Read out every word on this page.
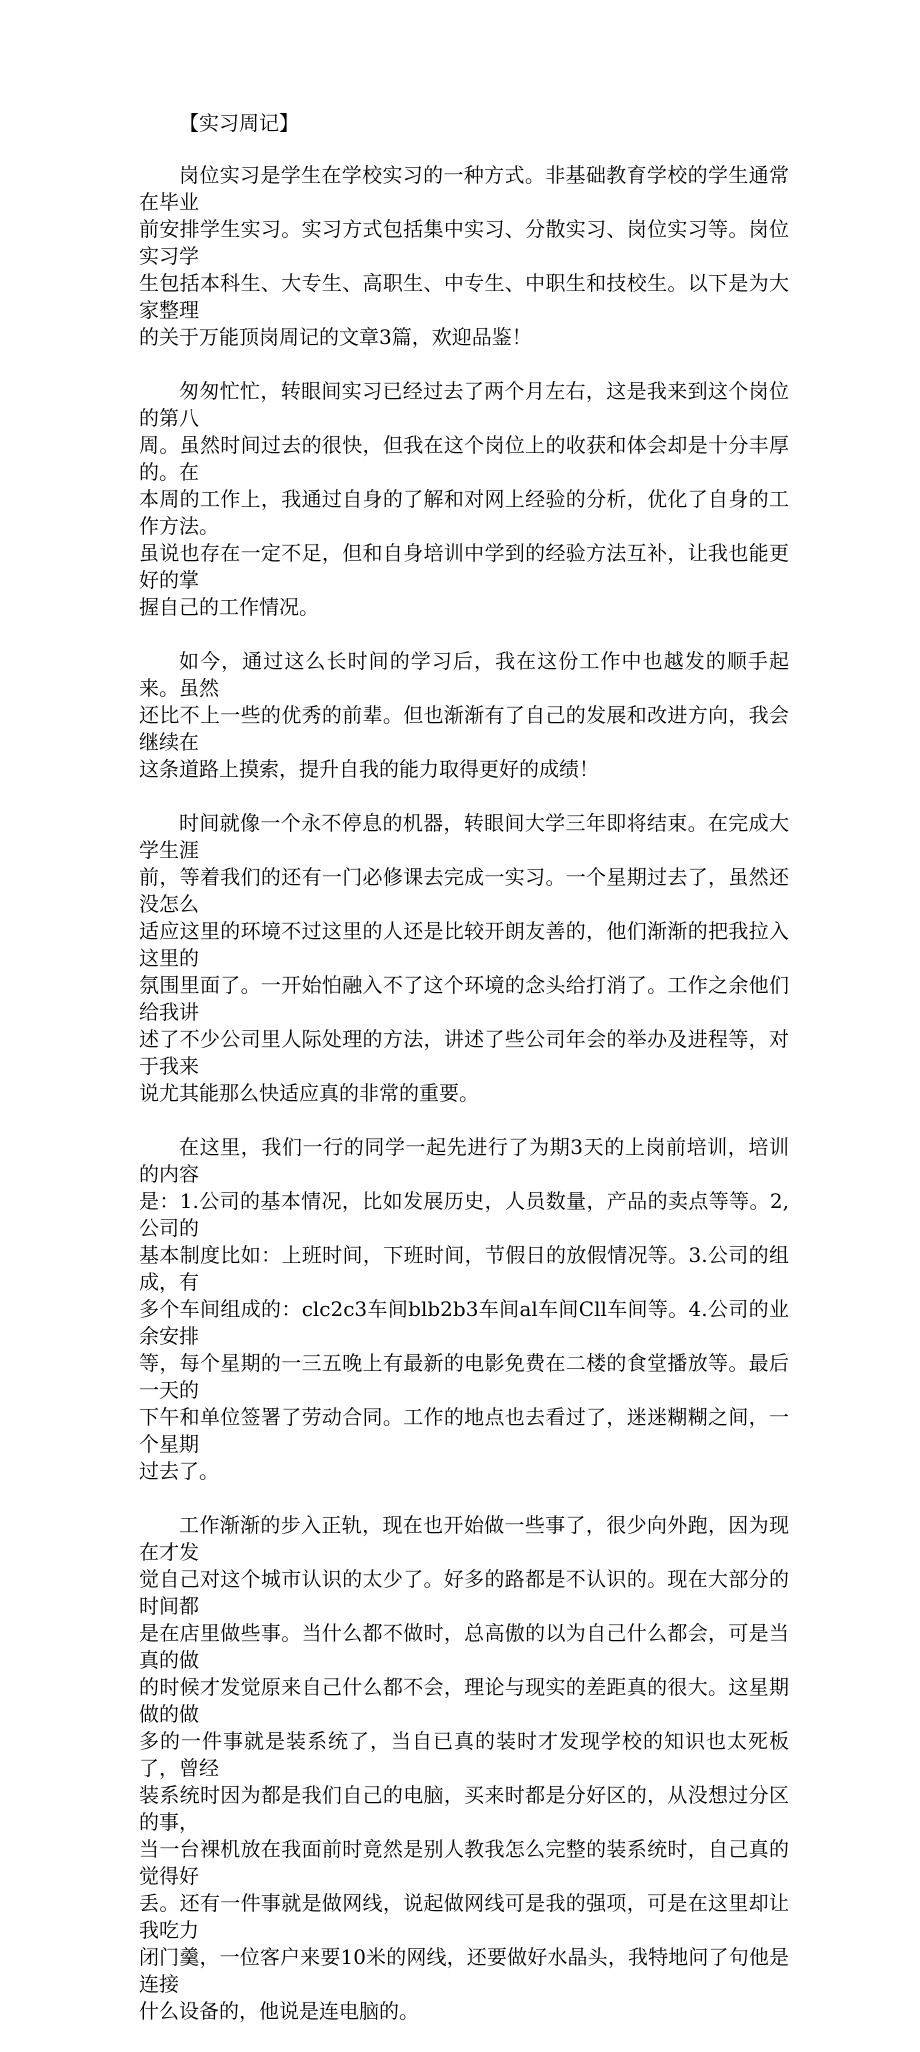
【实习周记】

岗位实习是学生在学校实习的一种方式。非基础教育学校的学生通常在毕业
前安排学生实习。实习方式包括集中实习、分散实习、岗位实习等。岗位实习学
生包括本科生、大专生、高职生、中专生、中职生和技校生。以下是为大家整理
的关于万能顶岗周记的文章3篇，欢迎品鉴！

匆匆忙忙，转眼间实习已经过去了两个月左右，这是我来到这个岗位的第八
周。虽然时间过去的很快，但我在这个岗位上的收获和体会却是十分丰厚的。在
本周的工作上，我通过自身的了解和对网上经验的分析，优化了自身的工作方法。
虽说也存在一定不足，但和自身培训中学到的经验方法互补，让我也能更好的掌
握自己的工作情况。

如今，通过这么长时间的学习后，我在这份工作中也越发的顺手起来。虽然
还比不上一些的优秀的前辈。但也渐渐有了自己的发展和改进方向，我会继续在
这条道路上摸索，提升自我的能力取得更好的成绩！

时间就像一个永不停息的机器，转眼间大学三年即将结束。在完成大学生涯
前，等着我们的还有一门必修课去完成一实习。一个星期过去了，虽然还没怎么
适应这里的环境不过这里的人还是比较开朗友善的，他们渐渐的把我拉入这里的
氛围里面了。一开始怕融入不了这个环境的念头给打消了。工作之余他们给我讲
述了不少公司里人际处理的方法，讲述了些公司年会的举办及进程等，对于我来
说尤其能那么快适应真的非常的重要。

在这里，我们一行的同学一起先进行了为期3天的上岗前培训，培训的内容
是：1.公司的基本情况，比如发展历史，人员数量，产品的卖点等等。2,公司的
基本制度比如：上班时间，下班时间，节假日的放假情况等。3.公司的组成，有
多个车间组成的：clc2c3车间blb2b3车间al车间Cll车间等。4.公司的业余安排
等，每个星期的一三五晚上有最新的电影免费在二楼的食堂播放等。最后一天的
下午和单位签署了劳动合同。工作的地点也去看过了，迷迷糊糊之间，一个星期
过去了。

工作渐渐的步入正轨，现在也开始做一些事了，很少向外跑，因为现在才发
觉自己对这个城市认识的太少了。好多的路都是不认识的。现在大部分的时间都
是在店里做些事。当什么都不做时，总高傲的以为自己什么都会，可是当真的做
的时候才发觉原来自己什么都不会，理论与现实的差距真的很大。这星期做的做
多的一件事就是装系统了，当自已真的装时才发现学校的知识也太死板了，曾经
装系统时因为都是我们自己的电脑，买来时都是分好区的，从没想过分区的事，
当一台裸机放在我面前时竟然是别人教我怎么完整的装系统时，自己真的觉得好
丢。还有一件事就是做网线，说起做网线可是我的强项，可是在这里却让我吃力
闭门羹，一位客户来要10米的网线，还要做好水晶头，我特地问了句他是连接
什么设备的，他说是连电脑的。
